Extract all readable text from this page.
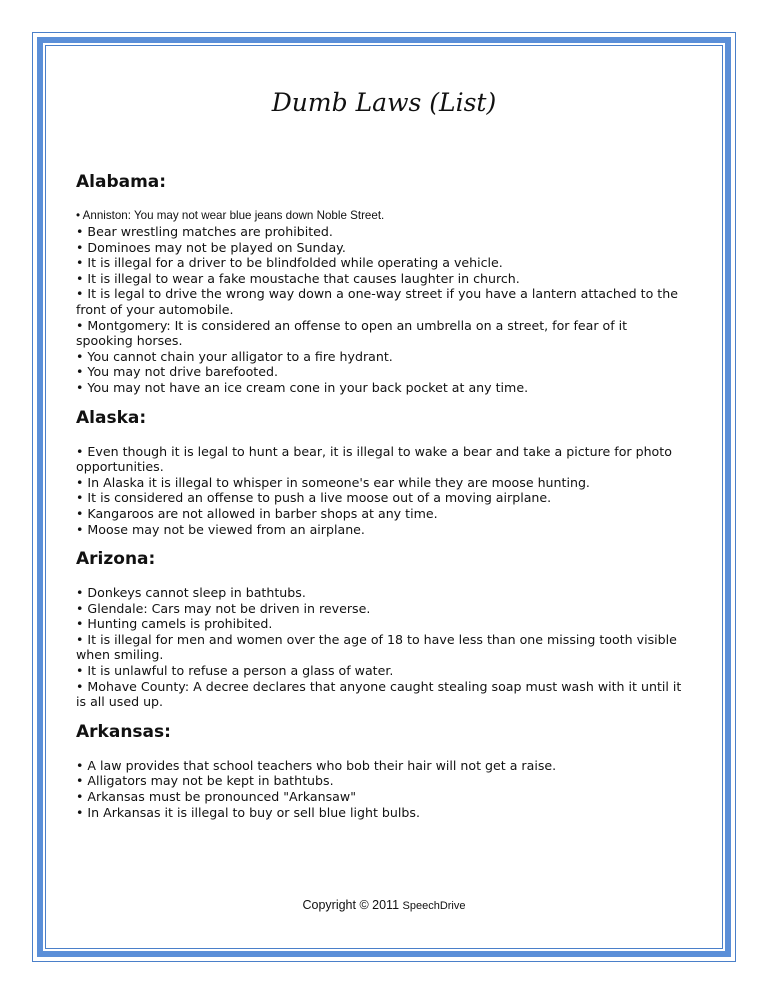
Dumb Laws (List)
Alabama:
• Anniston: You may not wear blue jeans down Noble Street.
• Bear wrestling matches are prohibited.
• Dominoes may not be played on Sunday.
• It is illegal for a driver to be blindfolded while operating a vehicle.
• It is illegal to wear a fake moustache that causes laughter in church.
• It is legal to drive the wrong way down a one-way street if you have a lantern attached to the front of your automobile.
• Montgomery: It is considered an offense to open an umbrella on a street, for fear of it spooking horses.
• You cannot chain your alligator to a fire hydrant.
• You may not drive barefooted.
• You may not have an ice cream cone in your back pocket at any time.
Alaska:
• Even though it is legal to hunt a bear, it is illegal to wake a bear and take a picture for photo opportunities.
• In Alaska it is illegal to whisper in someone's ear while they are moose hunting.
• It is considered an offense to push a live moose out of a moving airplane.
• Kangaroos are not allowed in barber shops at any time.
• Moose may not be viewed from an airplane.
Arizona:
• Donkeys cannot sleep in bathtubs.
• Glendale: Cars may not be driven in reverse.
• Hunting camels is prohibited.
• It is illegal for men and women over the age of 18 to have less than one missing tooth visible when smiling.
• It is unlawful to refuse a person a glass of water.
• Mohave County: A decree declares that anyone caught stealing soap must wash with it until it is all used up.
Arkansas:
• A law provides that school teachers who bob their hair will not get a raise.
• Alligators may not be kept in bathtubs.
• Arkansas must be pronounced "Arkansaw"
• In Arkansas it is illegal to buy or sell blue light bulbs.
Copyright © 2011 SpeechDrive
